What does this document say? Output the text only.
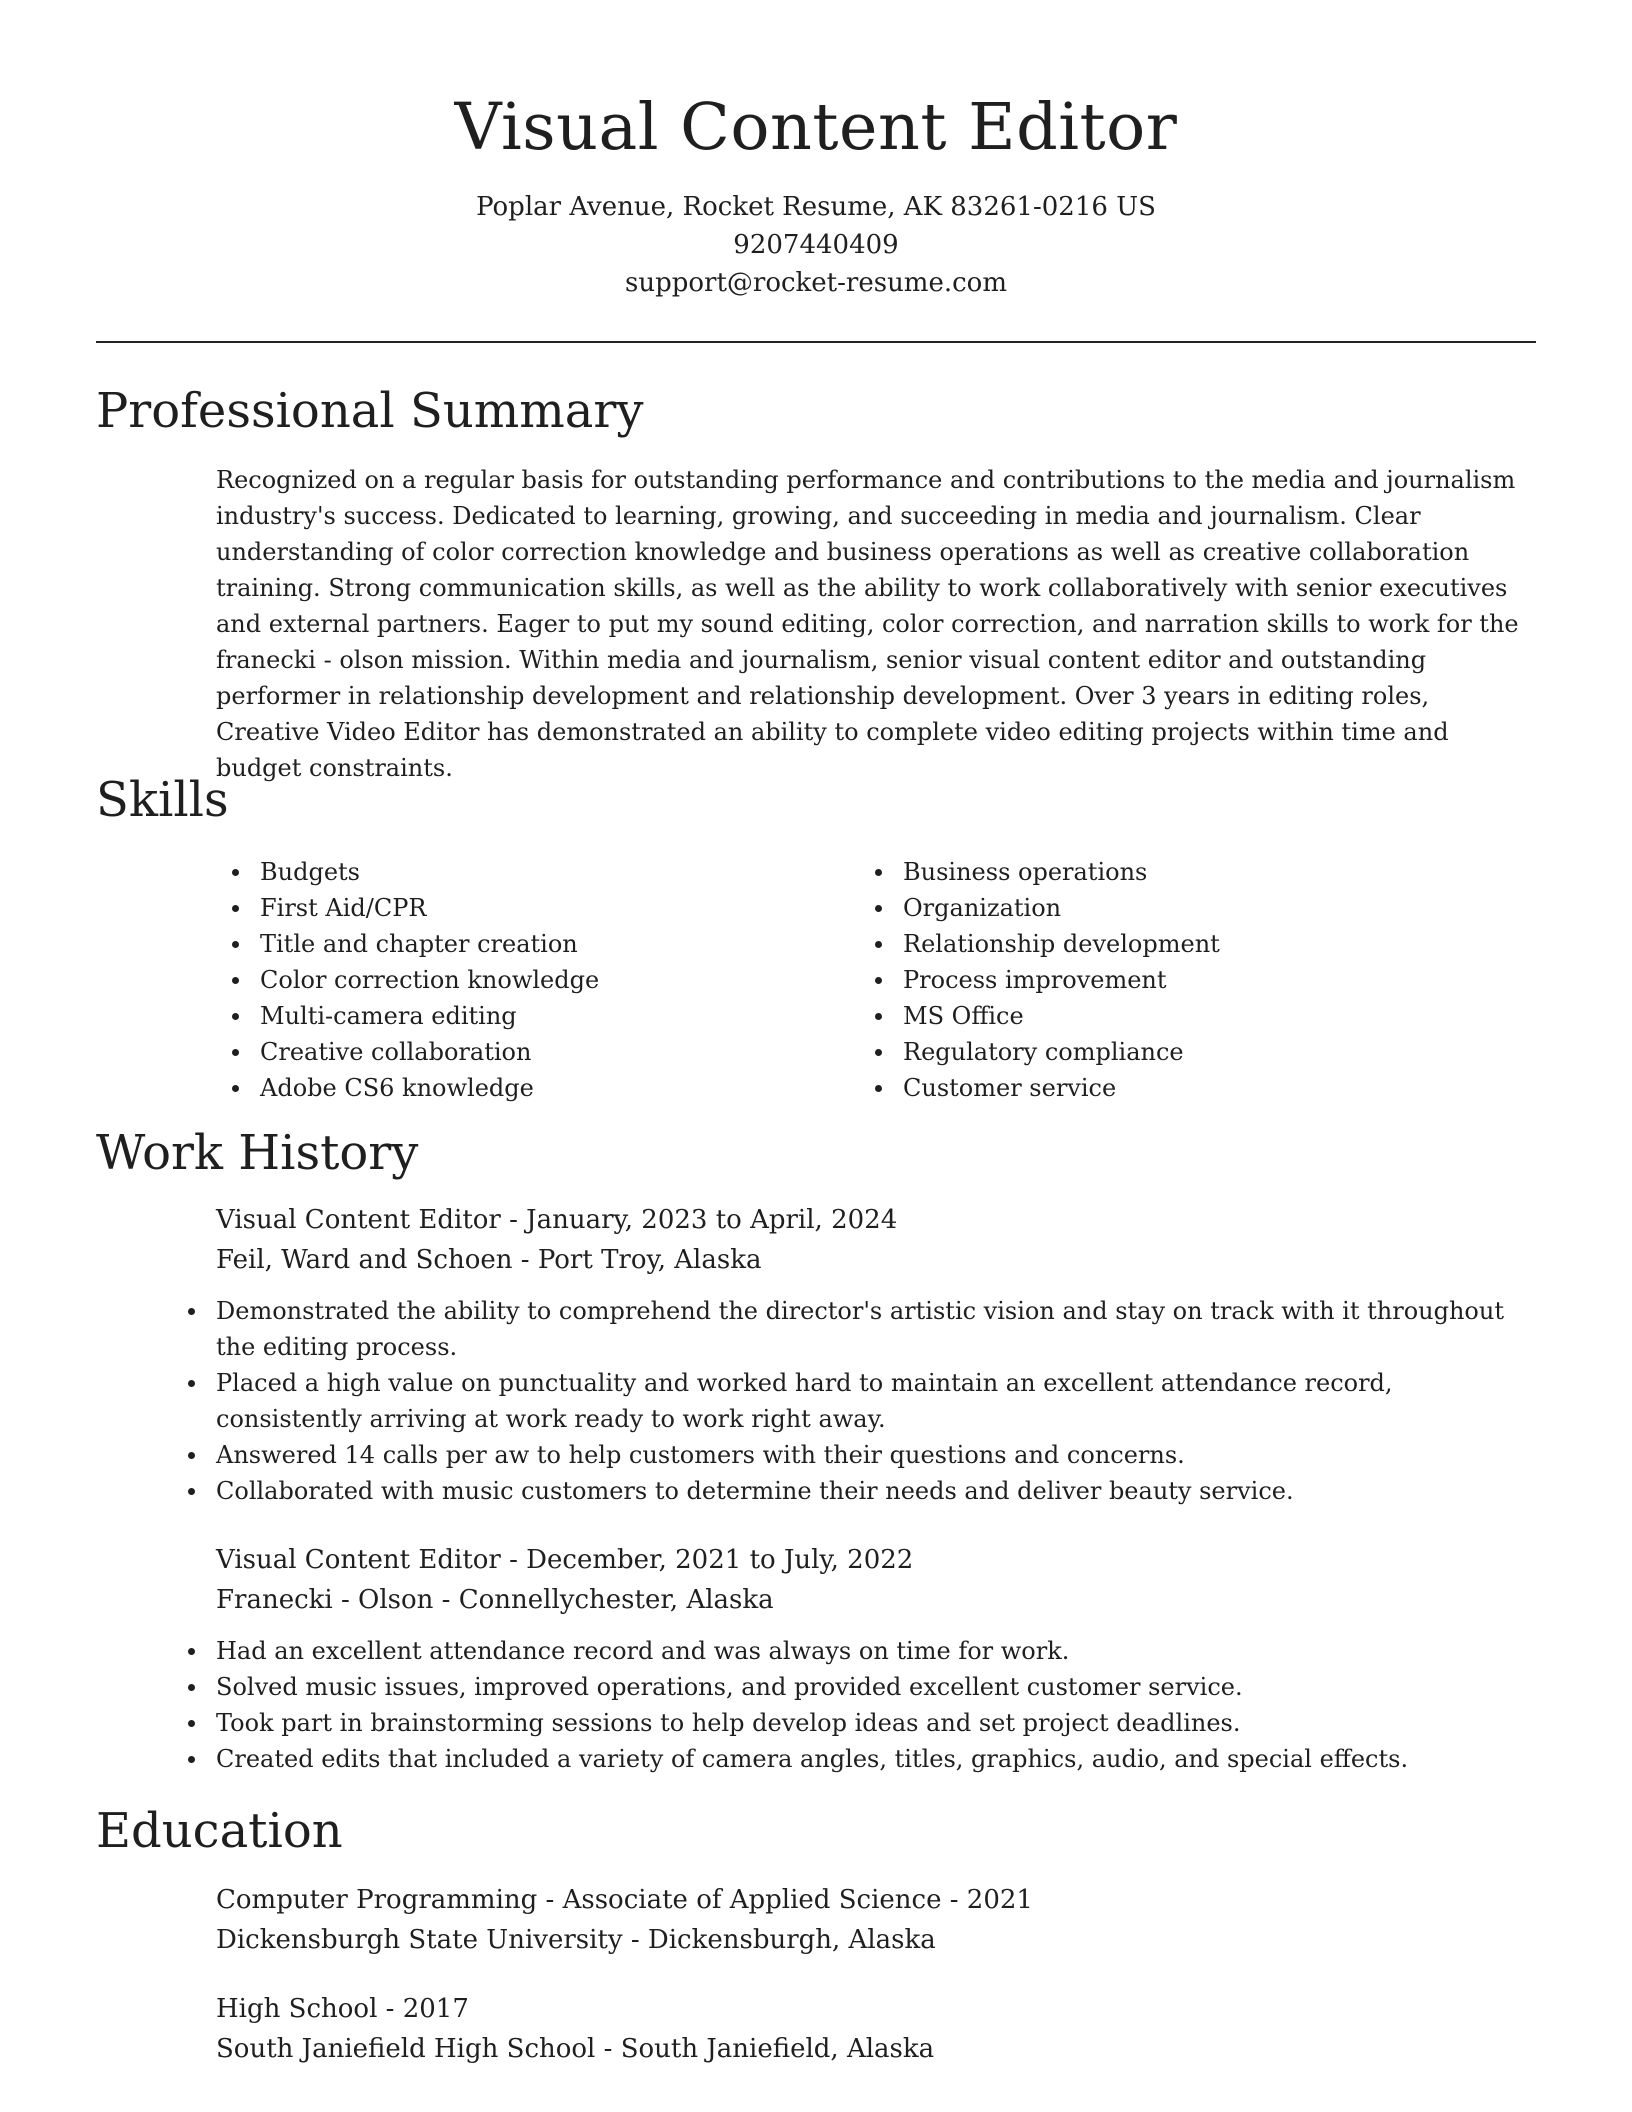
Visual Content Editor
Poplar Avenue, Rocket Resume, AK 83261-0216 US
9207440409
support@rocket-resume.com
Professional Summary

Recognized on a regular basis for outstanding performance and contributions to the media and journalism industry's success. Dedicated to learning, growing, and succeeding in media and journalism. Clear understanding of color correction knowledge and business operations as well as creative collaboration training. Strong communication skills, as well as the ability to work collaboratively with senior executives and external partners. Eager to put my sound editing, color correction, and narration skills to work for the franecki - olson mission. Within media and journalism, senior visual content editor and outstanding performer in relationship development and relationship development. Over 3 years in editing roles, Creative Video Editor has demonstrated an ability to complete video editing projects within time and budget constraints.

Skills
Budgets
First Aid/CPR
Title and chapter creation
Color correction knowledge
Multi-camera editing
Creative collaboration
Adobe CS6 knowledge
Business operations
Organization
Relationship development
Process improvement
MS Office
Regulatory compliance
Customer service
Work History
Visual Content Editor - January, 2023 to April, 2024
Feil, Ward and Schoen - Port Troy, Alaska
Demonstrated the ability to comprehend the director's artistic vision and stay on track with it throughout the editing process.
Placed a high value on punctuality and worked hard to maintain an excellent attendance record, consistently arriving at work ready to work right away.
Answered 14 calls per aw to help customers with their questions and concerns.
Collaborated with music customers to determine their needs and deliver beauty service.
Visual Content Editor - December, 2021 to July, 2022
Franecki - Olson - Connellychester, Alaska
Had an excellent attendance record and was always on time for work.
Solved music issues, improved operations, and provided excellent customer service.
Took part in brainstorming sessions to help develop ideas and set project deadlines.
Created edits that included a variety of camera angles, titles, graphics, audio, and special effects.
Education
Computer Programming - Associate of Applied Science - 2021
Dickensburgh State University - Dickensburgh, Alaska
High School - 2017
South Janiefield High School - South Janiefield, Alaska
